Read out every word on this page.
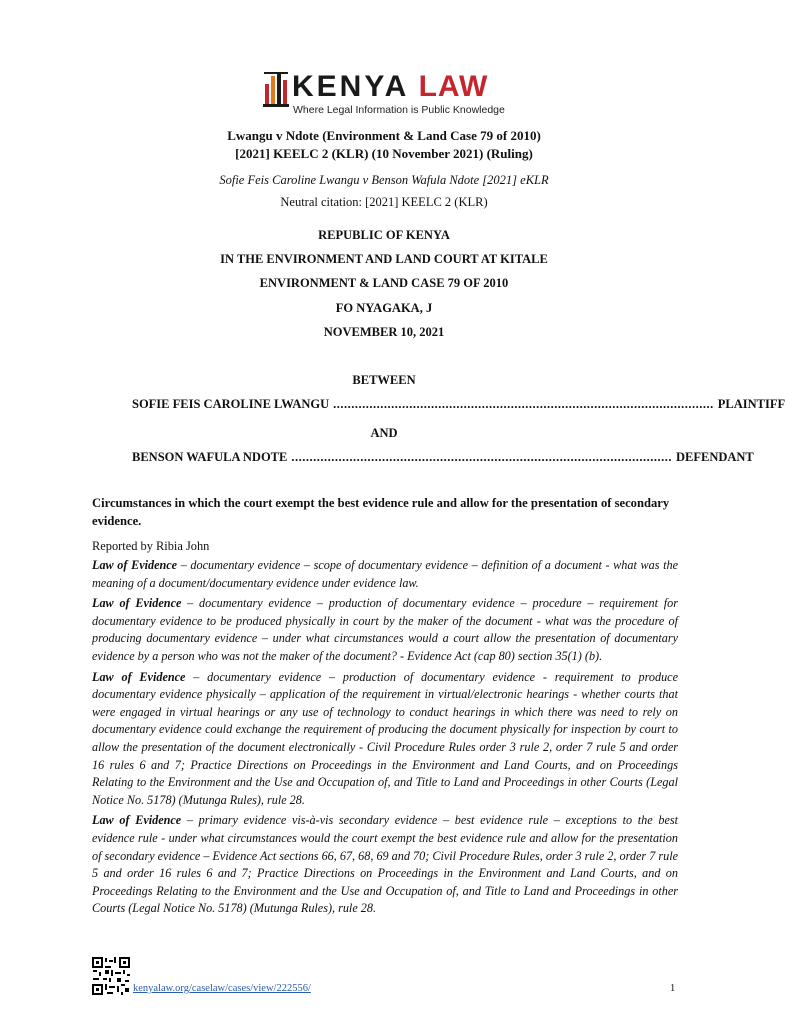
KENYA LAW
Where Legal Information is Public Knowledge
Lwangu v Ndote (Environment & Land Case 79 of 2010)
[2021] KEELC 2 (KLR) (10 November 2021) (Ruling)
Sofie Feis Caroline Lwangu v Benson Wafula Ndote [2021] eKLR
Neutral citation: [2021] KEELC 2 (KLR)
REPUBLIC OF KENYA
IN THE ENVIRONMENT AND LAND COURT AT KITALE
ENVIRONMENT & LAND CASE 79 OF 2010
FO NYAGAKA, J
NOVEMBER 10, 2021
BETWEEN
SOFIE FEIS CAROLINE LWANGU ......................................................................................................... PLAINTIFF
AND
BENSON WAFULA NDOTE ......................................................................................................... DEFENDANT
Circumstances in which the court exempt the best evidence rule and allow for the presentation of secondary evidence.
Reported by Ribia John

Law of Evidence – documentary evidence – scope of documentary evidence – definition of a document - what was the meaning of a document/documentary evidence under evidence law.

Law of Evidence – documentary evidence – production of documentary evidence – procedure – requirement for documentary evidence to be produced physically in court by the maker of the document - what was the procedure of producing documentary evidence – under what circumstances would a court allow the presentation of documentary evidence by a person who was not the maker of the document? - Evidence Act (cap 80) section 35(1) (b).

Law of Evidence – documentary evidence – production of documentary evidence - requirement to produce documentary evidence physically – application of the requirement in virtual/electronic hearings - whether courts that were engaged in virtual hearings or any use of technology to conduct hearings in which there was need to rely on documentary evidence could exchange the requirement of producing the document physically for inspection by court to allow the presentation of the document electronically - Civil Procedure Rules order 3 rule 2, order 7 rule 5 and order 16 rules 6 and 7; Practice Directions on Proceedings in the Environment and Land Courts, and on Proceedings Relating to the Environment and the Use and Occupation of, and Title to Land and Proceedings in other Courts (Legal Notice No. 5178) (Mutunga Rules), rule 28.

Law of Evidence – primary evidence vis-à-vis secondary evidence – best evidence rule – exceptions to the best evidence rule - under what circumstances would the court exempt the best evidence rule and allow for the presentation of secondary evidence – Evidence Act sections 66, 67, 68, 69 and 70; Civil Procedure Rules, order 3 rule 2, order 7 rule 5 and order 16 rules 6 and 7; Practice Directions on Proceedings in the Environment and Land Courts, and on Proceedings Relating to the Environment and the Use and Occupation of, and Title to Land and Proceedings in other Courts (Legal Notice No. 5178) (Mutunga Rules), rule 28.

kenyalaw.org/caselaw/cases/view/222556/	1
